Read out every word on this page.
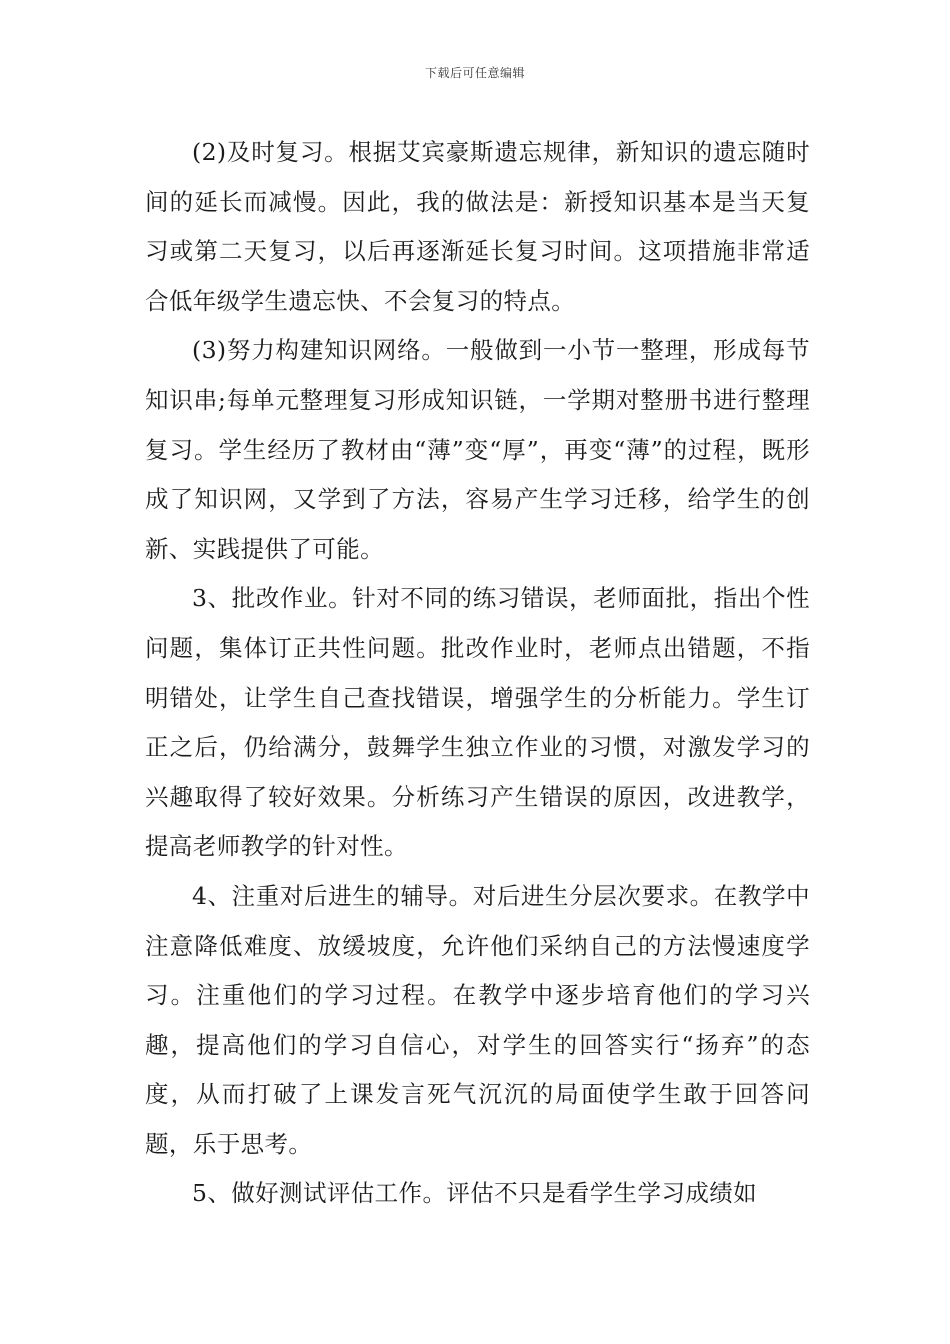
下载后可任意编辑

(2)及时复习。根据艾宾豪斯遗忘规律，新知识的遗忘随时间的延长而减慢。因此，我的做法是：新授知识基本是当天复习或第二天复习，以后再逐渐延长复习时间。这项措施非常适合低年级学生遗忘快、不会复习的特点。

(3)努力构建知识网络。一般做到一小节一整理，形成每节知识串;每单元整理复习形成知识链，一学期对整册书进行整理复习。学生经历了教材由“薄”变“厚”，再变“薄”的过程，既形成了知识网，又学到了方法，容易产生学习迁移，给学生的创新、实践提供了可能。

3、批改作业。针对不同的练习错误，老师面批，指出个性问题，集体订正共性问题。批改作业时，老师点出错题，不指明错处，让学生自己查找错误，增强学生的分析能力。学生订正之后，仍给满分，鼓舞学生独立作业的习惯，对激发学习的兴趣取得了较好效果。分析练习产生错误的原因，改进教学，提高老师教学的针对性。

4、注重对后进生的辅导。对后进生分层次要求。在教学中注意降低难度、放缓坡度，允许他们采纳自己的方法慢速度学习。注重他们的学习过程。在教学中逐步培育他们的学习兴趣，提高他们的学习自信心，对学生的回答实行“扬弃”的态度，从而打破了上课发言死气沉沉的局面使学生敢于回答问题，乐于思考。

5、做好测试评估工作。评估不只是看学生学习成绩如
